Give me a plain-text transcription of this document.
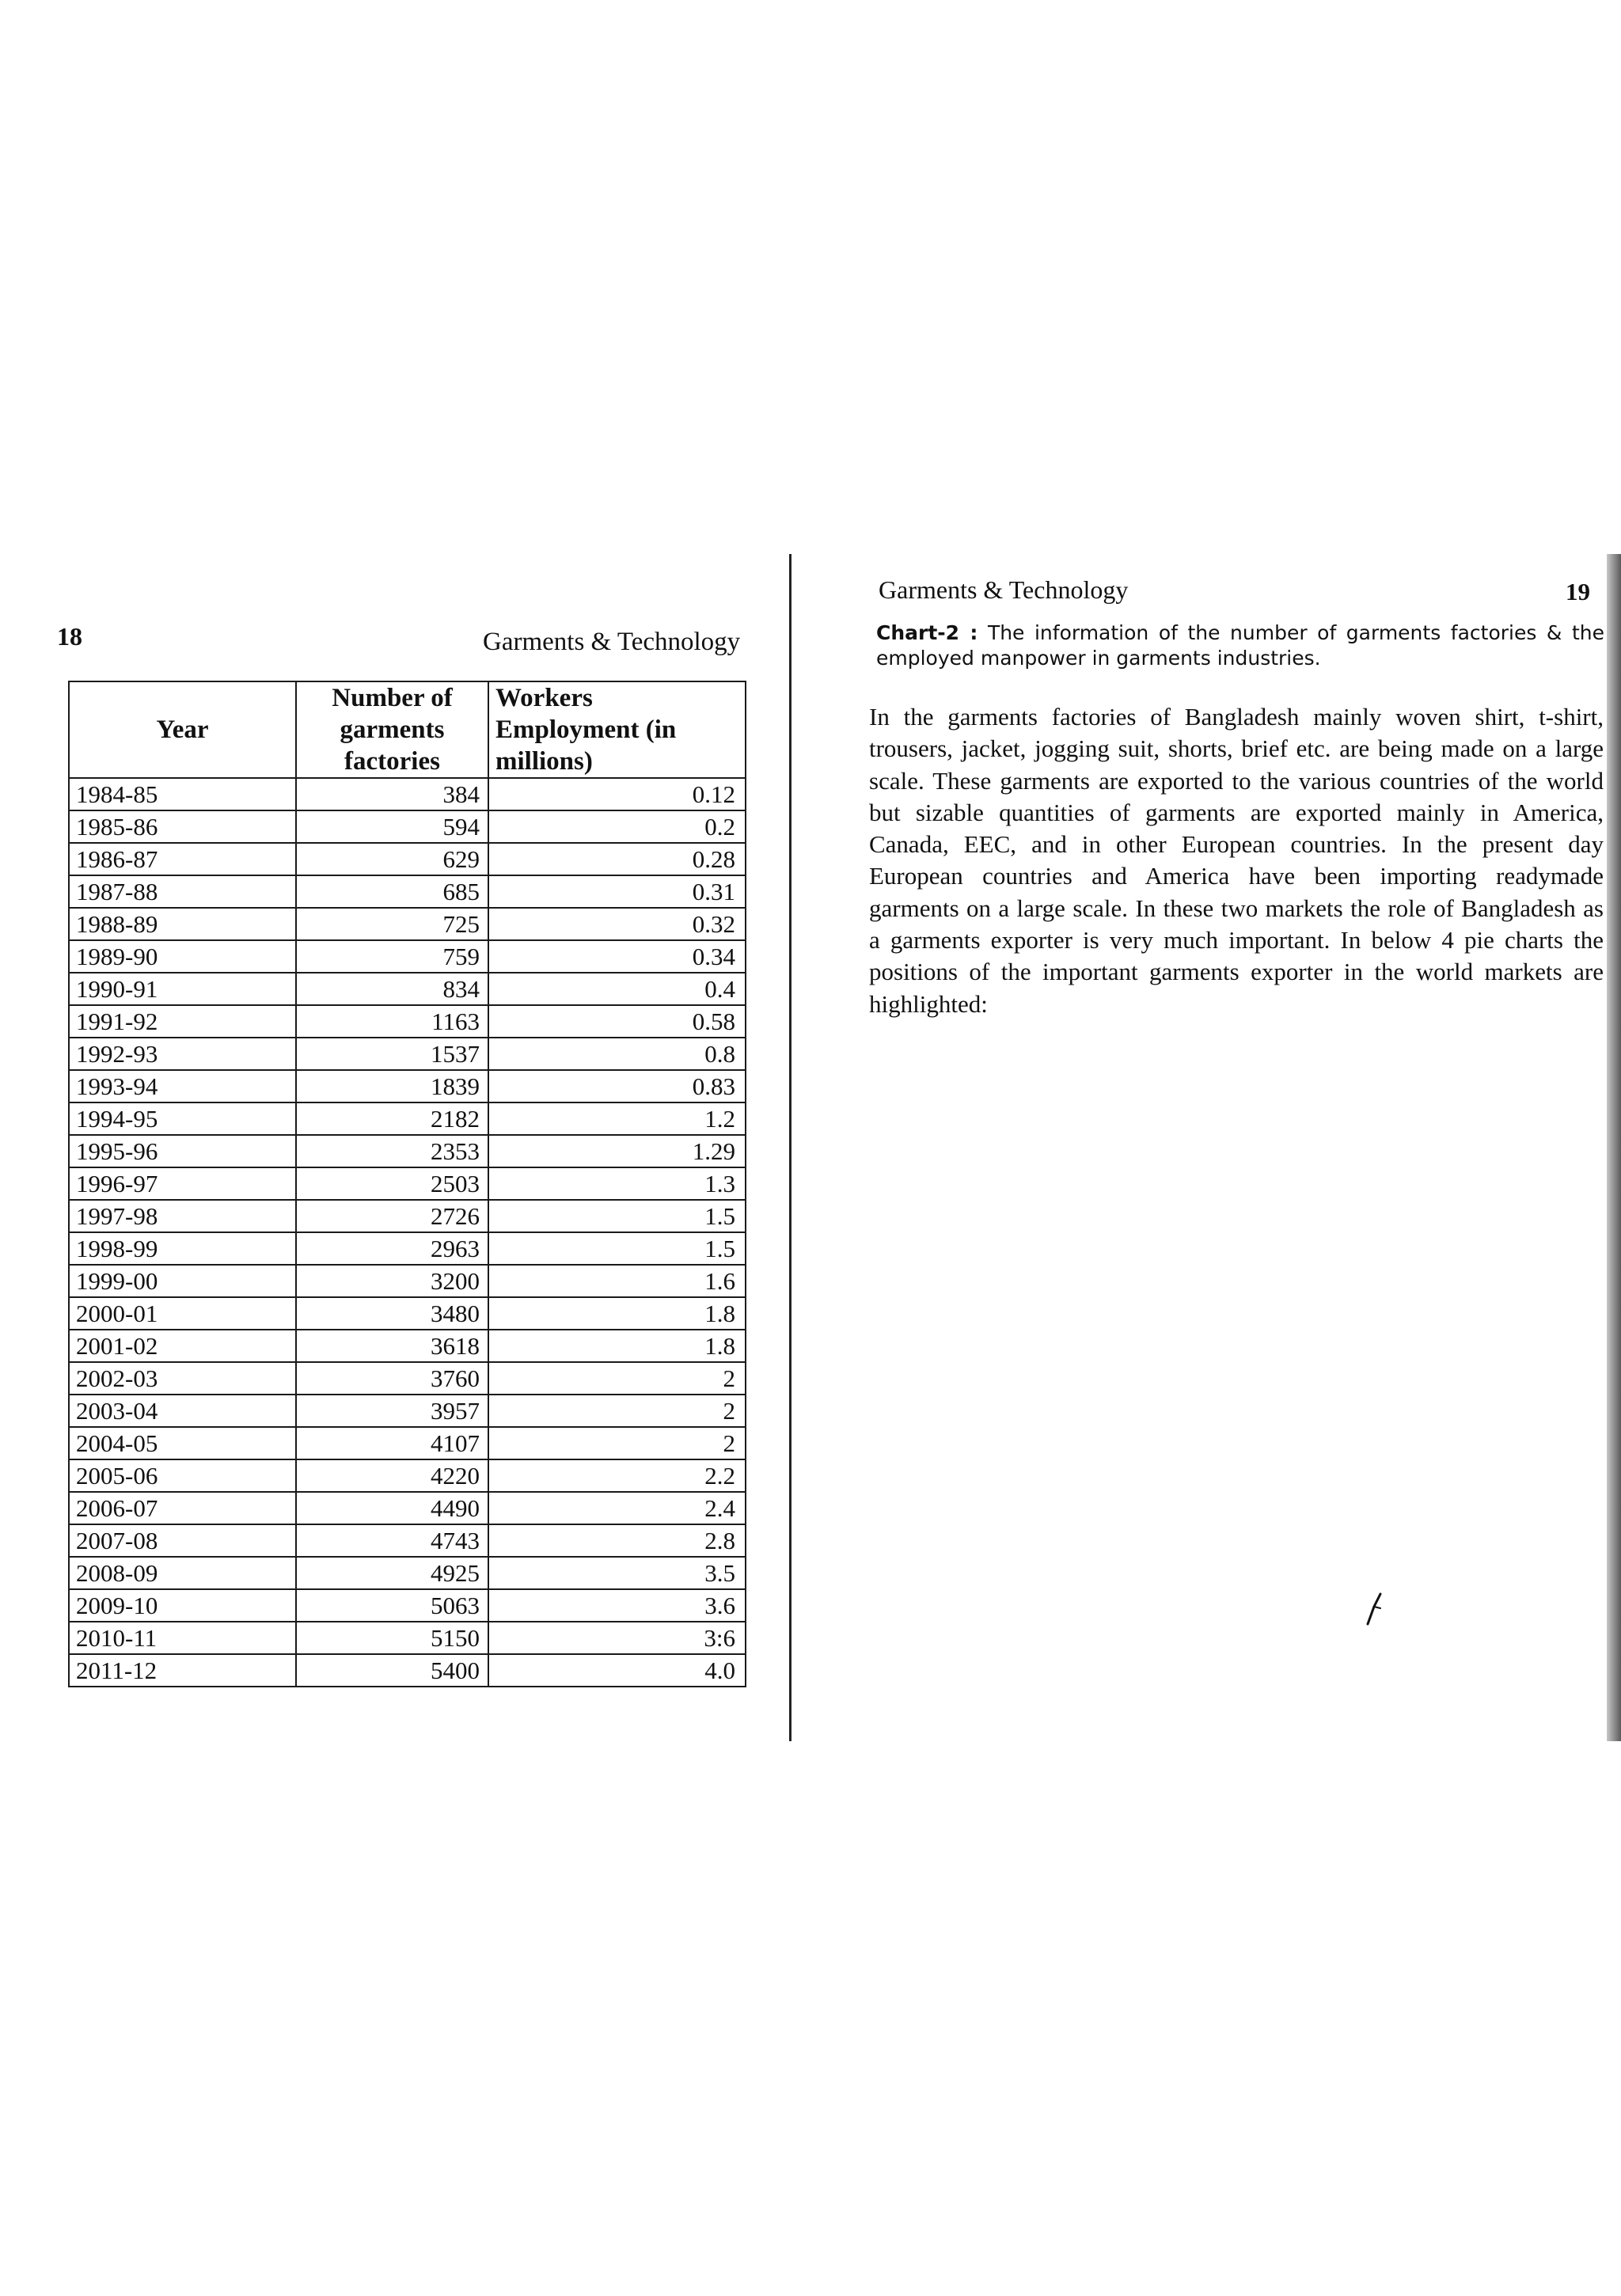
18	Garments & Technology
Year	Number of garments factories	Workers Employment (in millions)
1984-85	384	0.12
1985-86	594	0.2
1986-87	629	0.28
1987-88	685	0.31
1988-89	725	0.32
1989-90	759	0.34
1990-91	834	0.4
1991-92	1163	0.58
1992-93	1537	0.8
1993-94	1839	0.83
1994-95	2182	1.2
1995-96	2353	1.29
1996-97	2503	1.3
1997-98	2726	1.5
1998-99	2963	1.5
1999-00	3200	1.6
2000-01	3480	1.8
2001-02	3618	1.8
2002-03	3760	2
2003-04	3957	2
2004-05	4107	2
2005-06	4220	2.2
2006-07	4490	2.4
2007-08	4743	2.8
2008-09	4925	3.5
2009-10	5063	3.6
2010-11	5150	3:6
2011-12	5400	4.0
Garments & Technology	19
Chart-2 : The information of the number of garments factories & the employed manpower in garments industries.
In the garments factories of Bangladesh mainly woven shirt, t-shirt, trousers, jacket, jogging suit, shorts, brief etc. are being made on a large scale. These garments are exported to the various countries of the world but sizable quantities of garments are exported mainly in America, Canada, EEC, and in other European countries. In the present day European countries and America have been importing readymade garments on a large scale. In these two markets the role of Bangladesh as a garments exporter is very much important. In below 4 pie charts the positions of the important garments exporter in the world markets are highlighted:
